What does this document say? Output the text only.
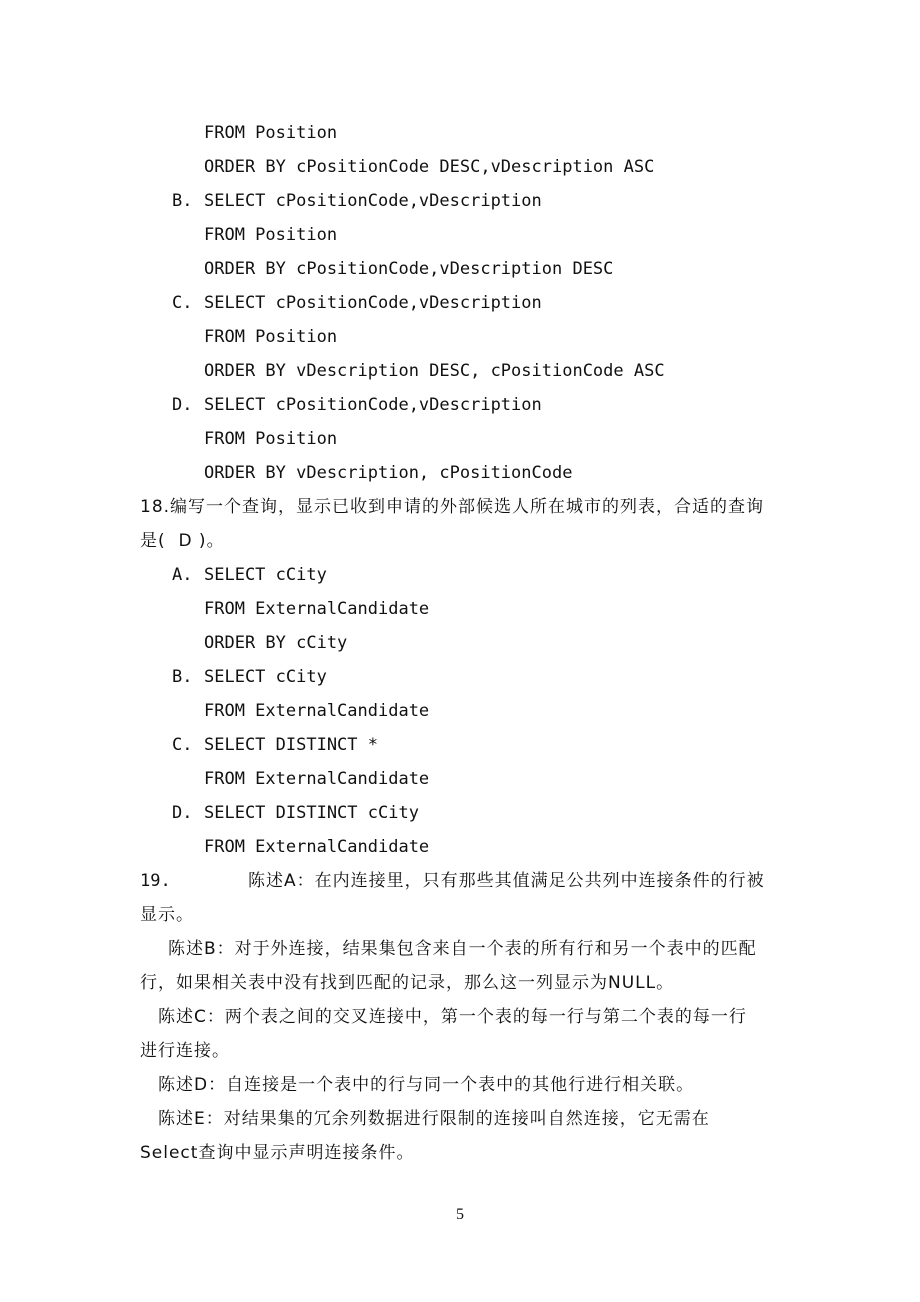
FROM Position
ORDER BY cPositionCode DESC,vDescription ASC
B. SELECT cPositionCode,vDescription
FROM Position
ORDER BY cPositionCode,vDescription DESC
C. SELECT cPositionCode,vDescription
FROM Position
ORDER BY vDescription DESC, cPositionCode ASC
D. SELECT cPositionCode,vDescription
FROM Position
ORDER BY vDescription, cPositionCode
18.编写一个查询，显示已收到申请的外部候选人所在城市的列表，合适的查询
是(  D )。
A. SELECT cCity
FROM ExternalCandidate
ORDER BY cCity
B. SELECT cCity
FROM ExternalCandidate
C. SELECT DISTINCT *
FROM ExternalCandidate
D. SELECT DISTINCT cCity
FROM ExternalCandidate
19.	陈述A：在内连接里，只有那些其值满足公共列中连接条件的行被
显示。
陈述B：对于外连接，结果集包含来自一个表的所有行和另一个表中的匹配
行，如果相关表中没有找到匹配的记录，那么这一列显示为NULL。
陈述C：两个表之间的交叉连接中，第一个表的每一行与第二个表的每一行
进行连接。
陈述D：自连接是一个表中的行与同一个表中的其他行进行相关联。
陈述E：对结果集的冗余列数据进行限制的连接叫自然连接，它无需在
Select查询中显示声明连接条件。
5
